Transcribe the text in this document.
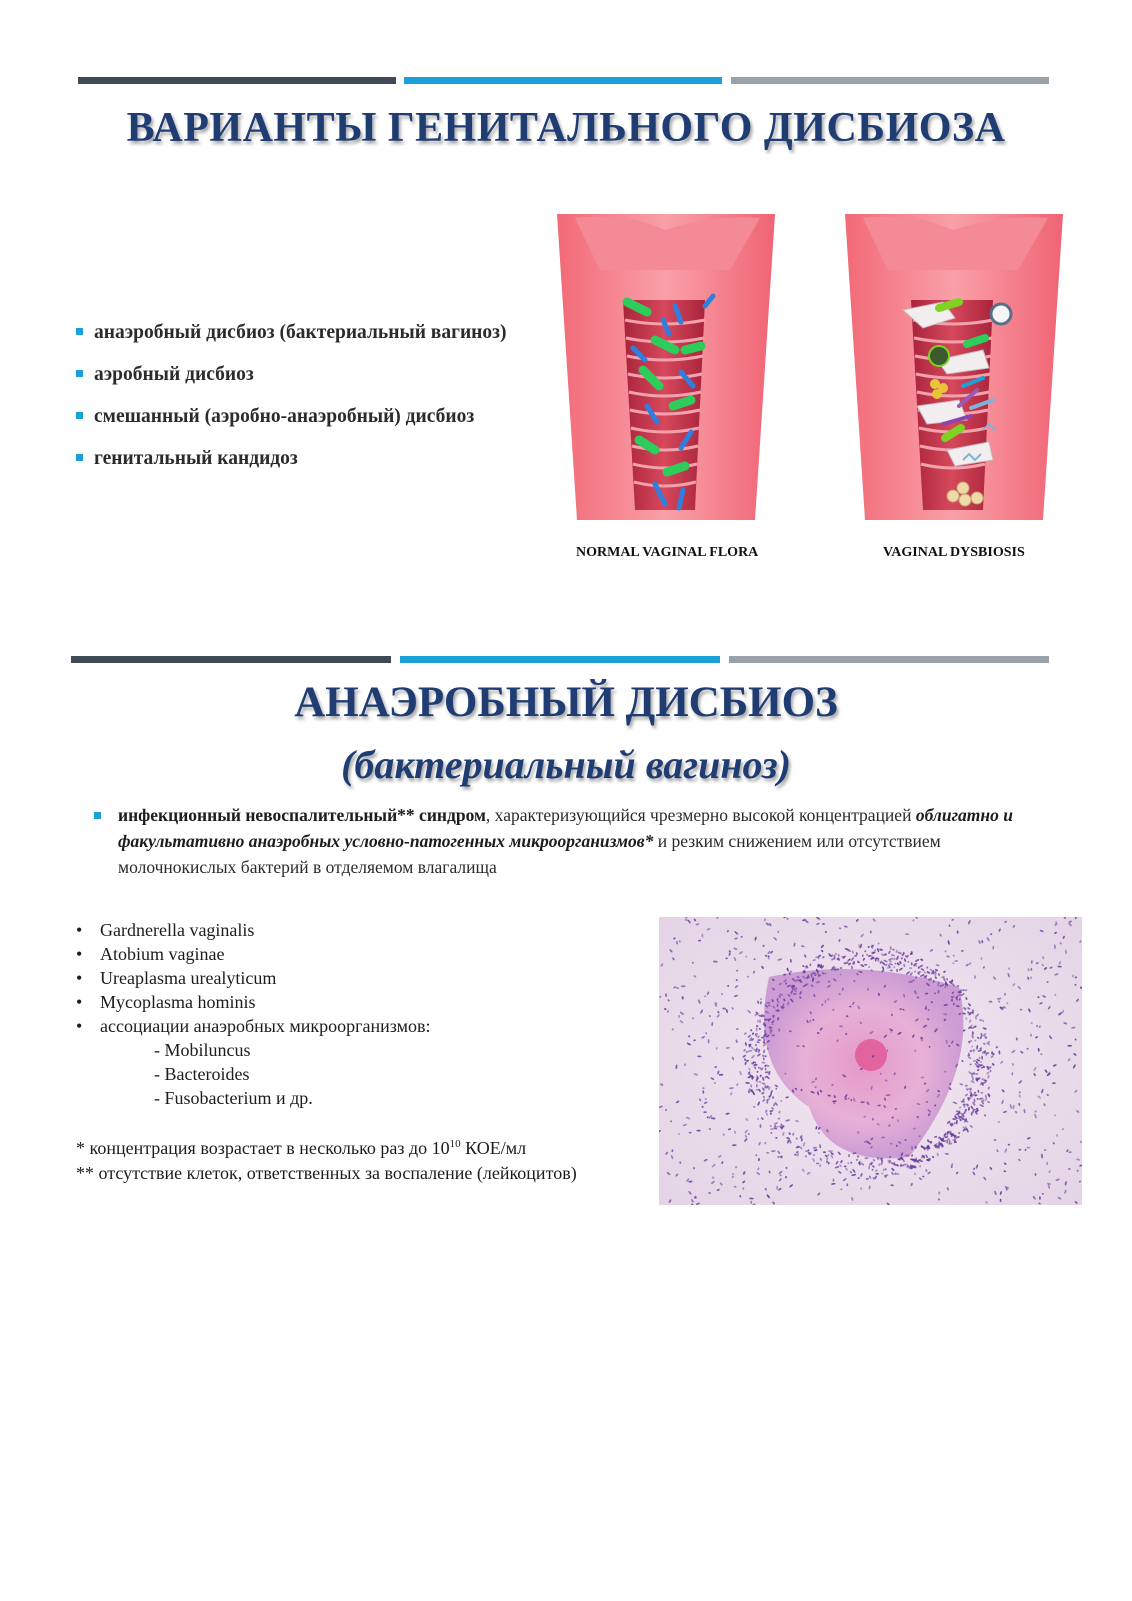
ВАРИАНТЫ ГЕНИТАЛЬНОГО ДИСБИОЗА
анаэробный дисбиоз (бактериальный вагиноз)
аэробный дисбиоз
смешанный (аэробно-анаэробный) дисбиоз
генитальный кандидоз
NORMAL VAGINAL FLORA	VAGINAL DYSBIOSIS
АНАЭРОБНЫЙ ДИСБИОЗ
(бактериальный вагиноз)
инфекционный невоспалительный** синдром, характеризующийся чрезмерно высокой концентрацией облигатно и факультативно анаэробных условно-патогенных микроорганизмов* и резким снижением или отсутствием молочнокислых бактерий в отделяемом влагалища
• Gardnerella vaginalis
• Atobium vaginae
• Ureaplasma urealyticum
• Mycoplasma hominis
• ассоциации анаэробных микроорганизмов:
- Mobiluncus
- Bacteroides
- Fusobacterium и др.
* концентрация возрастает в несколько раз до $10^{10}$ КОЕ/мл
** отсутствие клеток, ответственных за воспаление (лейкоцитов)
